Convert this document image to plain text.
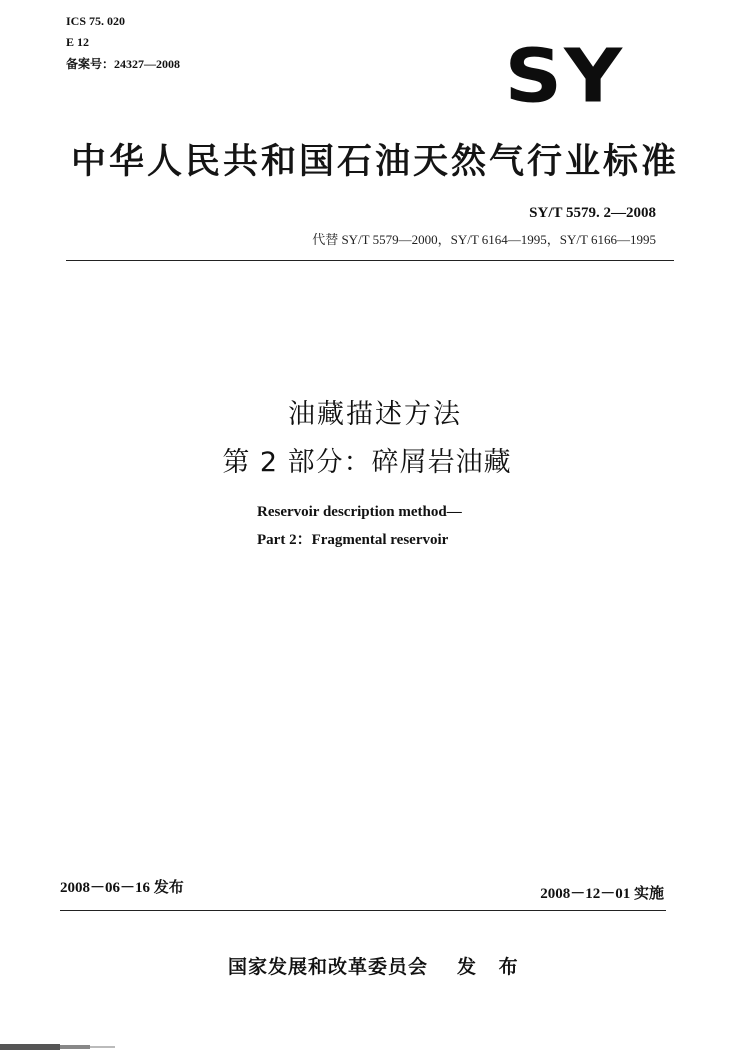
ICS 75. 020
E 12
备案号：24327—2008	SY
中华人民共和国石油天然气行业标准
SY/T 5579. 2—2008
代替 SY/T 5579—2000，SY/T 6164—1995，SY/T 6166—1995
油藏描述方法
第 2 部分：碎屑岩油藏
Reservoir description method—
Part 2：Fragmental reservoir
2008－06－16 发布	2008－12－01 实施
国家发展和改革委员会 发 布
